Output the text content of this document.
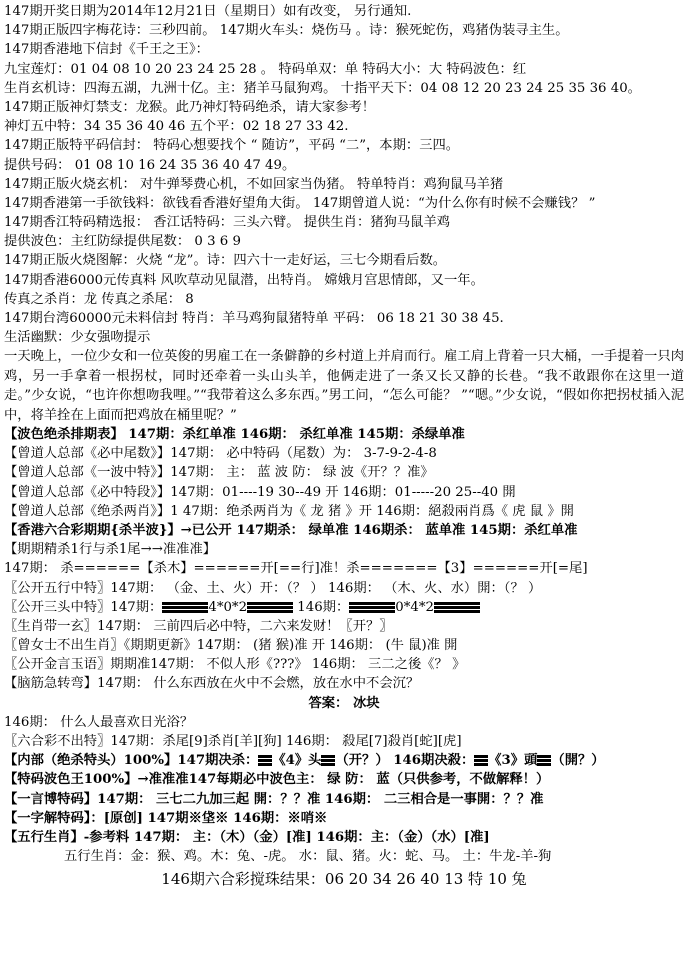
147期开奖日期为2014年12月21日（星期日）如有改变， 另行通知.
147期正版四字梅花诗：三秒四前。 147期火车头：烧伤马 。诗：猴死蛇伤，鸡猪伪装寻主生。
147期香港地下信封《千王之王》：
九宝莲灯：01 04 08 10 20 23 24 25 28 。 特码单双：单 特码大小：大 特码波色：红
生肖玄机诗：四海五湖，九洲十亿。主：猪羊马鼠狗鸡。 十指平天下：04 08 12 20 23 24 25 35 36 40。
147期正版神灯禁支：龙猴。此乃神灯特码绝杀，请大家参考！
神灯五中特：34 35 36 40 46 五个平：02 18 27 33 42.
147期正版特平码信封： 特码心想要找个 “ 随访”，平码 “二”，本期：三四。
提供号码： 01 08 10 16 24 35 36 40 47 49。
147期正版火烧玄机： 对牛弹琴费心机，不如回家当伪猪。 特单特肖：鸡狗鼠马羊猪
147期香港第一手欲钱料：欲钱看香港好望角大街。 147期曾道人说：“为什么你有时候不会赚钱？ ”
147期香江特码精选报： 香江话特码：三头六臂。 提供生肖：猪狗马鼠羊鸡
提供波色：主红防绿提供尾数： 0 3 6 9
147期正版火烧图解：火烧 “龙”。诗：四六十一走好运，三七今期看后数。
147期香港6000元传真料 风吹草动见鼠潜，出特肖。 嫦娥月宫思情郎，又一年。
传真之杀肖：龙 传真之杀尾： 8
147期台湾60000元未料信封 特肖：羊马鸡狗鼠猪特单 平码： 06 18 21 30 38 45.
生活幽默：少女强吻提示
一天晚上，一位少女和一位英俊的男雇工在一条僻静的乡村道上并肩而行。雇工肩上背着一只大桶，一手提着一只肉鸡，另一手拿着一根拐杖，同时还牵着一头山头羊，他俩走进了一条又长又静的长巷。“我不敢跟你在这里一道走。”少女说，“也许你想吻我哩。”“我带着这么多东西。”男工问，“怎么可能？ ”“嗯。”少女说，“假如你把拐杖插入泥中，将羊拴在上面而把鸡放在桶里呢？”
【波色绝杀排期表】 147期：杀红单准 146期： 杀红单准 145期：杀绿单准
【曾道人总部《必中尾数》】147期： 必中特码（尾数）为： 3-7-9-2-4-8
【曾道人总部《一波中特》】147期： 主： 蓝 波 防： 绿 波《开？？准》
【曾道人总部《必中特段》】147期：01----19 30--49 开 146期：01-----20 25--40 開
【曾道人总部《绝杀两肖》】1 47期：绝杀两肖为《 龙 猪 》开 146期：絕殺兩肖爲《 虎 鼠 》開
【香港六合彩期期{杀半波}】→已公开 147期杀： 绿单准 146期杀： 蓝单准 145期：杀红单准
【期期精杀1行与杀1尾→→准准准】
147期： 杀======【杀木】======开[==行]准！杀=======【3】======开[=尾]
〖公开五行中特〗147期： （金、土、火）开：（？ ） 146期： （木、火、水）開：（？ ）
〖公开三头中特〗147期：	4*0*2	146期：	0*4*2
〖生肖带一玄〗147期： 三前四后必中特，二六来发财！〖开？〗
〖曾女士不出生肖〗《期期更新》147期： (猪 猴)准 开 146期： (牛 鼠)准 開
〖公开金言玉语〗期期准147期： 不似人形《???》 146期： 三二之後《？ 》
【脑筋急转弯】147期： 什么东西放在火中不会燃，放在水中不会沉？
答案： 冰块
146期： 什么人最喜欢日光浴？
〖六合彩不出特〗147期：杀尾[9]杀肖[羊][狗] 146期： 殺尾[7]殺肖[蛇][虎]
【内部（绝杀特头）100%】147期决杀： 《4》头 （开？） 146期决殺： 《3》頭 （開？）
【特码波色王100%】→准准准147每期必中波色主： 绿 防： 蓝（只供参考，不做解释！）
【一言博特码】147期： 三七二九加三起 開：？？准 146期： 二三相合是一事開：？？准
【一字解特码】：[原创] 147期※垡※ 146期：※哨※
【五行生肖】-参考料 147期： 主：（木）（金）[准] 146期：主：（金）（水）[准]
五行生肖：金：猴、鸡。木：兔、-虎。 水：鼠、猪。火：蛇、马。 土：牛龙-羊-狗
146期六合彩搅珠结果：06 20 34 26 40 13 特 10 兔
